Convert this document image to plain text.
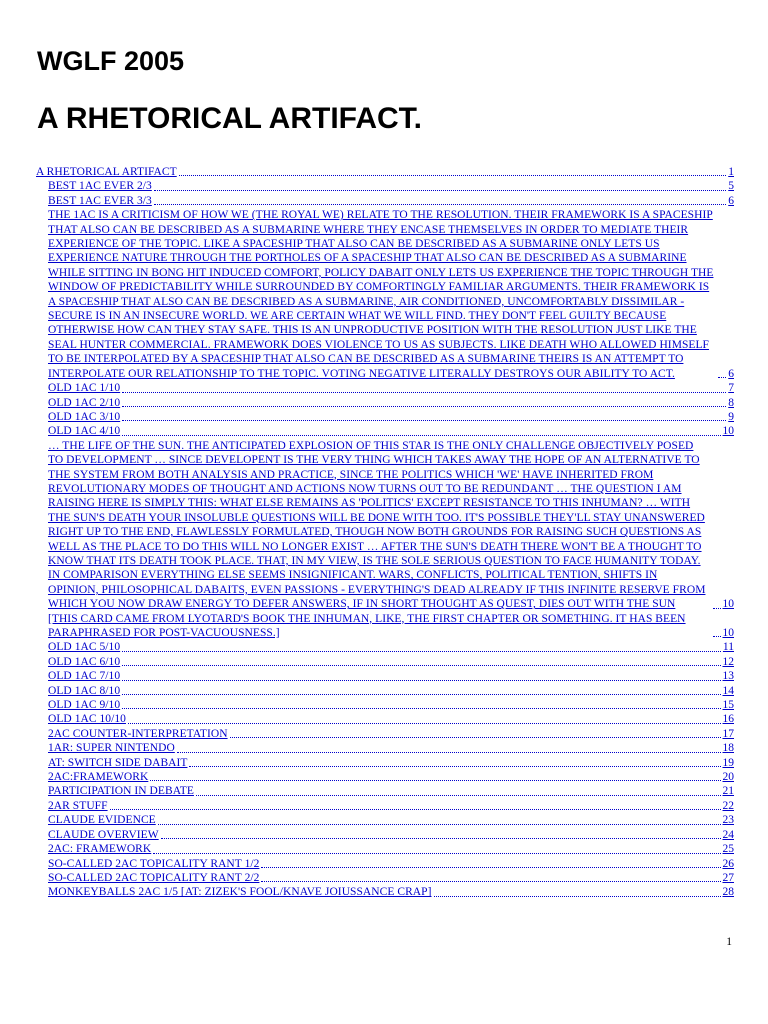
WGLF 2005
A RHETORICAL ARTIFACT.
A RHETORICAL ARTIFACT	1
BEST 1AC EVER 2/3	5
BEST 1AC EVER 3/3	6
THE 1AC IS A CRITICISM OF HOW WE (THE ROYAL WE) RELATE TO THE RESOLUTION. THEIR FRAMEWORK IS A SPACESHIP THAT ALSO CAN BE DESCRIBED AS A SUBMARINE WHERE THEY ENCASE THEMSELVES IN ORDER TO MEDIATE THEIR EXPERIENCE OF THE TOPIC. LIKE A SPACESHIP THAT ALSO CAN BE DESCRIBED AS A SUBMARINE ONLY LETS US EXPERIENCE NATURE THROUGH THE PORTHOLES OF A SPACESHIP THAT ALSO CAN BE DESCRIBED AS A SUBMARINE WHILE SITTING IN BONG HIT INDUCED COMFORT, POLICY DABAIT ONLY LETS US EXPERIENCE THE TOPIC THROUGH THE WINDOW OF PREDICTABILITY WHILE SURROUNDED BY COMFORTINGLY FAMILIAR ARGUMENTS. THEIR FRAMEWORK IS A SPACESHIP THAT ALSO CAN BE DESCRIBED AS A SUBMARINE, AIR CONDITIONED, UNCOMFORTABLY DISSIMILAR - SECURE IS IN AN INSECURE WORLD. WE ARE CERTAIN WHAT WE WILL FIND. THEY DON'T FEEL GUILTY BECAUSE OTHERWISE HOW CAN THEY STAY SAFE. THIS IS AN UNPRODUCTIVE POSITION WITH THE RESOLUTION JUST LIKE THE SEAL HUNTER COMMERCIAL. FRAMEWORK DOES VIOLENCE TO US AS SUBJECTS. LIKE DEATH WHO ALLOWED HIMSELF TO BE INTERPOLATED BY A SPACESHIP THAT ALSO CAN BE DESCRIBED AS A SUBMARINE THEIRS IS AN ATTEMPT TO INTERPOLATE OUR RELATIONSHIP TO THE TOPIC. VOTING NEGATIVE LITERALLY DESTROYS OUR ABILITY TO ACT.	6
OLD 1AC 1/10	7
OLD 1AC 2/10	8
OLD 1AC 3/10	9
OLD 1AC 4/10	10
… THE LIFE OF THE SUN. THE ANTICIPATED EXPLOSION OF THIS STAR IS THE ONLY CHALLENGE OBJECTIVELY POSED TO DEVELOPMENT … SINCE DEVELOPENT IS THE VERY THING WHICH TAKES AWAY THE HOPE OF AN ALTERNATIVE TO THE SYSTEM FROM BOTH ANALYSIS AND PRACTICE, SINCE THE POLITICS WHICH 'WE' HAVE INHERITED FROM REVOLUTIONARY MODES OF THOUGHT AND ACTIONS NOW TURNS OUT TO BE REDUNDANT … THE QUESTION I AM RAISING HERE IS SIMPLY THIS: WHAT ELSE REMAINS AS 'POLITICS' EXCEPT RESISTANCE TO THIS INHUMAN? … WITH THE SUN'S DEATH YOUR INSOLUBLE QUESTIONS WILL BE DONE WITH TOO. IT'S POSSIBLE THEY'LL STAY UNANSWERED RIGHT UP TO THE END, FLAWLESSLY FORMULATED, THOUGH NOW BOTH GROUNDS FOR RAISING SUCH QUESTIONS AS WELL AS THE PLACE TO DO THIS WILL NO LONGER EXIST … AFTER THE SUN'S DEATH THERE WON'T BE A THOUGHT TO KNOW THAT ITS DEATH TOOK PLACE. THAT, IN MY VIEW, IS THE SOLE SERIOUS QUESTION TO FACE HUMANITY TODAY. IN COMPARISON EVERYTHING ELSE SEEMS INSIGNIFICANT. WARS, CONFLICTS, POLITICAL TENTION, SHIFTS IN OPINION, PHILOSOPHICAL DABAITS, EVEN PASSIONS - EVERYTHING'S DEAD ALREADY IF THIS INFINITE RESERVE FROM WHICH YOU NOW DRAW ENERGY TO DEFER ANSWERS, IF IN SHORT THOUGHT AS QUEST, DIES OUT WITH THE SUN	10
[THIS CARD CAME FROM LYOTARD'S BOOK THE INHUMAN, LIKE, THE FIRST CHAPTER OR SOMETHING. IT HAS BEEN PARAPHRASED FOR POST-VACUOUSNESS.]	10
OLD 1AC 5/10	11
OLD 1AC 6/10	12
OLD 1AC 7/10	13
OLD 1AC 8/10	14
OLD 1AC 9/10	15
OLD 1AC 10/10	16
2AC COUNTER-INTERPRETATION	17
1AR: SUPER NINTENDO	18
AT: SWITCH SIDE DABAIT	19
2AC:FRAMEWORK	20
PARTICIPATION IN DEBATE	21
2AR STUFF	22
CLAUDE EVIDENCE	23
CLAUDE OVERVIEW	24
2AC: FRAMEWORK	25
SO-CALLED 2AC TOPICALITY RANT 1/2	26
SO-CALLED 2AC TOPICALITY RANT 2/2	27
MONKEYBALLS 2AC 1/5 [AT: ZIZEK'S FOOL/KNAVE JOIUSSANCE CRAP]	28
1
